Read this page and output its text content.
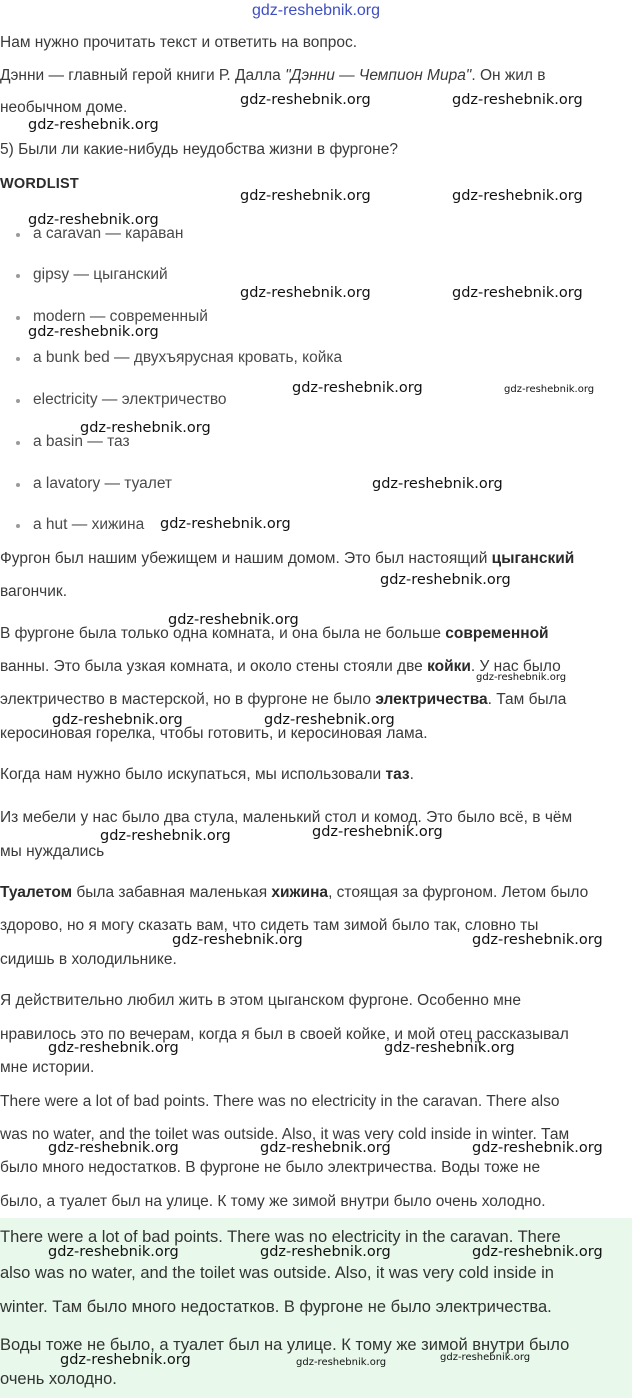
gdz-reshebnik.org

Нам нужно прочитать текст и ответить на вопрос.

Дэнни — главный герой книги Р. Далла "Дэнни — Чемпион Мира". Он жил в

необычном доме.

5) Были ли какие-нибудь неудобства жизни в фургоне?

WORDLIST

a caravan — караван

gipsy — цыганский

modern — современный

a bunk bed — двухъярусная кровать, койка

electricity — электричество

a basin — таз

a lavatory — туалет

a hut — хижина

Фургон был нашим убежищем и нашим домом. Это был настоящий цыганский

вагончик.

В фургоне была только одна комната, и она была не больше современной

ванны. Это была узкая комната, и около стены стояли две койки. У нас было

электричество в мастерской, но в фургоне не было электричества. Там была

керосиновая горелка, чтобы готовить, и керосиновая лама.

Когда нам нужно было искупаться, мы использовали таз.

Из мебели у нас было два стула, маленький стол и комод. Это было всё, в чём

мы нуждались

Туалетом была забавная маленькая хижина, стоящая за фургоном. Летом было

здорово, но я могу сказать вам, что сидеть там зимой было так, словно ты

сидишь в холодильнике.

Я действительно любил жить в этом цыганском фургоне. Особенно мне

нравилось это по вечерам, когда я был в своей койке, и мой отец рассказывал

мне истории.

There were a lot of bad points. There was no electricity in the caravan. There also

was no water, and the toilet was outside. Also, it was very cold inside in winter. Там

было много недостатков. В фургоне не было электричества. Воды тоже не

было, а туалет был на улице. К тому же зимой внутри было очень холодно.

There were a lot of bad points. There was no electricity in the caravan. There

also was no water, and the toilet was outside. Also, it was very cold inside in

winter. Там было много недостатков. В фургоне не было электричества.

Воды тоже не было, а туалет был на улице. К тому же зимой внутри было

очень холодно.

gdz-reshebnik.org	gdz-reshebnik.org
gdz-reshebnik.org
gdz-reshebnik.org	gdz-reshebnik.org
gdz-reshebnik.org
gdz-reshebnik.org	gdz-reshebnik.org
gdz-reshebnik.org
gdz-reshebnik.org	gdz-reshebnik.org
gdz-reshebnik.org
gdz-reshebnik.org
gdz-reshebnik.org
gdz-reshebnik.org
gdz-reshebnik.org
gdz-reshebnik.org
gdz-reshebnik.org	gdz-reshebnik.org
gdz-reshebnik.org
gdz-reshebnik.org
gdz-reshebnik.org	gdz-reshebnik.org
gdz-reshebnik.org	gdz-reshebnik.org
gdz-reshebnik.org	gdz-reshebnik.org	gdz-reshebnik.org
gdz-reshebnik.org	gdz-reshebnik.org	gdz-reshebnik.org
gdz-reshebnik.org	gdz-reshebnik.org	gdz-reshebnik.org
